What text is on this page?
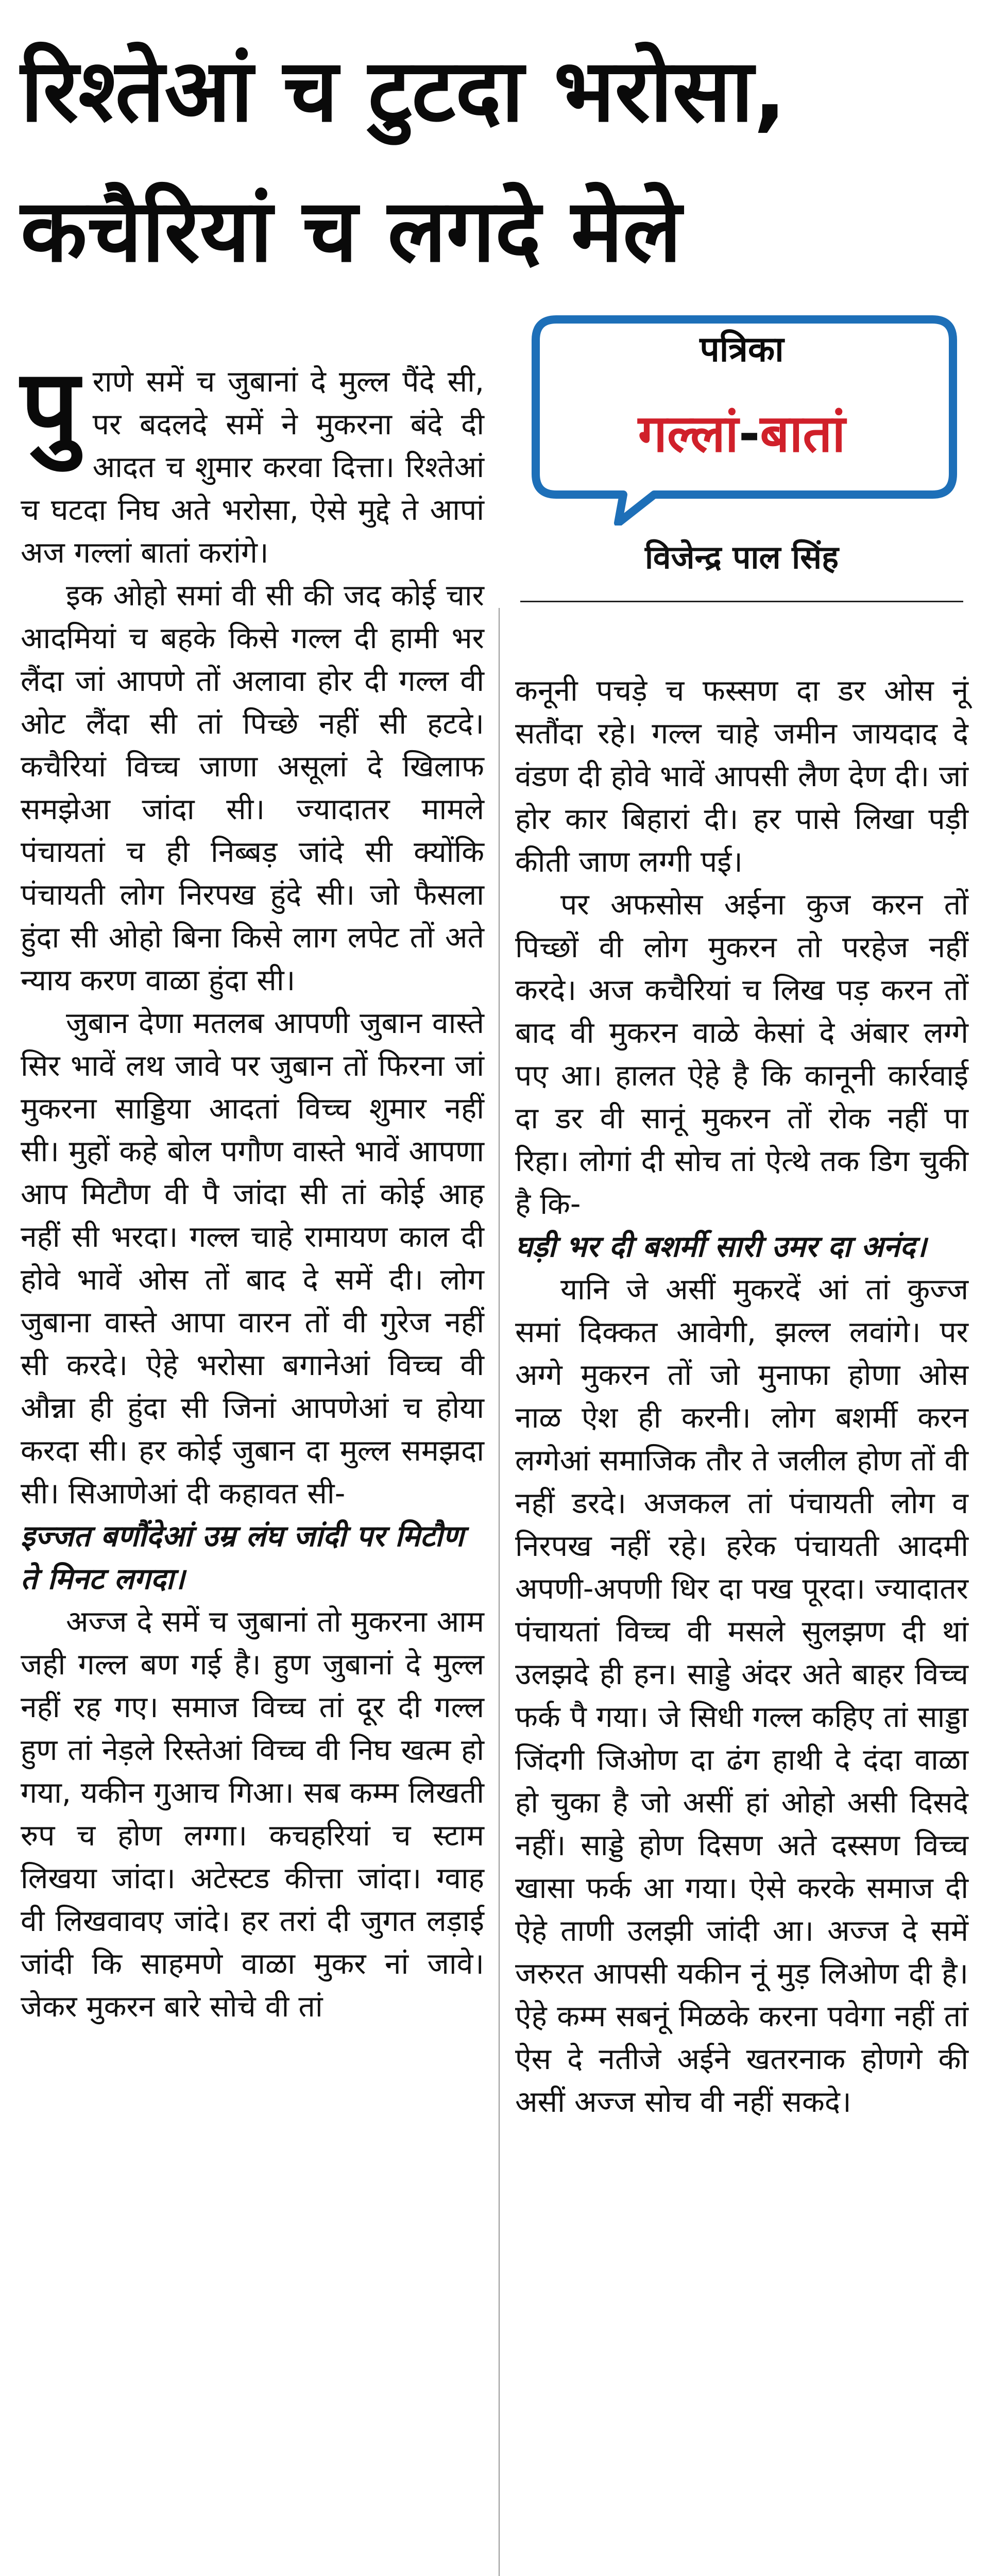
रिश्तेआं च टुटदा भरोसा,
कचैरियां च लगदे मेले
पत्रिका
गल्लां-बातां
विजेन्द्र पाल सिंह

पुराणे समें च जुबानां दे मुल्ल पैंदे सी, पर बदलदे समें ने मुकरना बंदे दी आदत च शुमार करवा दित्ता। रिश्तेआं च घटदा निघ अते भरोसा, ऐसे मुद्दे ते आपां अज गल्लां बातां करांगे।

इक ओहो समां वी सी की जद कोई चार आदमियां च बहके किसे गल्ल दी हामी भर लैंदा जां आपणे तों अलावा होर दी गल्ल वी ओट लैंदा सी तां पिच्छे नहीं सी हटदे। कचैरियां विच्च जाणा असूलां दे खिलाफ समझेआ जांदा सी। ज्यादातर मामले पंचायतां च ही निब्बड़ जांदे सी क्योंकि पंचायती लोग निरपख हुंदे सी। जो फैसला हुंदा सी ओहो बिना किसे लाग लपेट तों अते न्याय करण वाळा हुंदा सी।

जुबान देणा मतलब आपणी जुबान वास्ते सिर भावें लथ जावे पर जुबान तों फिरना जां मुकरना साड्डिया आदतां विच्च शुमार नहीं सी। मुहों कहे बोल पगौण वास्ते भावें आपणा आप मिटौण वी पै जांदा सी तां कोई आह नहीं सी भरदा। गल्ल चाहे रामायण काल दी होवे भावें ओस तों बाद दे समें दी। लोग जुबाना वास्ते आपा वारन तों वी गुरेज नहीं सी करदे। ऐहे भरोसा बगानेआं विच्च वी औन्ना ही हुंदा सी जिनां आपणेआं च होया करदा सी। हर कोई जुबान दा मुल्ल समझदा सी। सिआणेआं दी कहावत सी-

इज्जत बणौंदेआं उम्र लंघ जांदी पर मिटौण ते मिनट लगदा।

अज्ज दे समें च जुबानां तो मुकरना आम जही गल्ल बण गई है। हुण जुबानां दे मुल्ल नहीं रह गए। समाज विच्च तां दूर दी गल्ल हुण तां नेड़ले रिस्तेआं विच्च वी निघ खत्म हो गया, यकीन गुआच गिआ। सब कम्म लिखती रुप च होण लग्गा। कचहरियां च स्टाम लिखया जांदा। अटेस्टड कीत्ता जांदा। ग्वाह वी लिखवावए जांदे। हर तरां दी जुगत लड़ाई जांदी कि साहमणे वाळा मुकर नां जावे। जेकर मुकरन बारे सोचे वी तां

कनूनी पचड़े च फस्सण दा डर ओस नूं सतौंदा रहे। गल्ल चाहे जमीन जायदाद दे वंडण दी होवे भावें आपसी लैण देण दी। जां होर कार बिहारां दी। हर पासे लिखा पड़ी कीती जाण लग्गी पई।

पर अफसोस अईना कुज करन तों पिच्छों वी लोग मुकरन तो परहेज नहीं करदे। अज कचैरियां च लिख पड़ करन तों बाद वी मुकरन वाळे केसां दे अंबार लग्गे पए आ। हालत ऐहे है कि कानूनी कार्रवाई दा डर वी सानूं मुकरन तों रोक नहीं पा रिहा। लोगां दी सोच तां ऐत्थे तक डिग चुकी है कि-

घड़ी भर दी बशर्मी सारी उमर दा अनंद।

यानि जे असीं मुकरदें आं तां कुज्ज समां दिक्कत आवेगी, झल्ल लवांगे। पर अग्गे मुकरन तों जो मुनाफा होणा ओस नाळ ऐश ही करनी। लोग बशर्मी करन लग्गेआं समाजिक तौर ते जलील होण तों वी नहीं डरदे। अजकल तां पंचायती लोग व निरपख नहीं रहे। हरेक पंचायती आदमी अपणी-अपणी धिर दा पख पूरदा। ज्यादातर पंचायतां विच्च वी मसले सुलझण दी थां उलझदे ही हन। साड्डे अंदर अते बाहर विच्च फर्क पै गया। जे सिधी गल्ल कहिए तां साड्डा जिंदगी जिओण दा ढंग हाथी दे दंदा वाळा हो चुका है जो असीं हां ओहो असी दिसदे नहीं। साड्डे होण दिसण अते दस्सण विच्च खासा फर्क आ गया। ऐसे करके समाज दी ऐहे ताणी उलझी जांदी आ। अज्ज दे समें जरुरत आपसी यकीन नूं मुड़ लिओण दी है। ऐहे कम्म सबनूं मिळके करना पवेगा नहीं तां ऐस दे नतीजे अईने खतरनाक होणगे की असीं अज्ज सोच वी नहीं सकदे।
